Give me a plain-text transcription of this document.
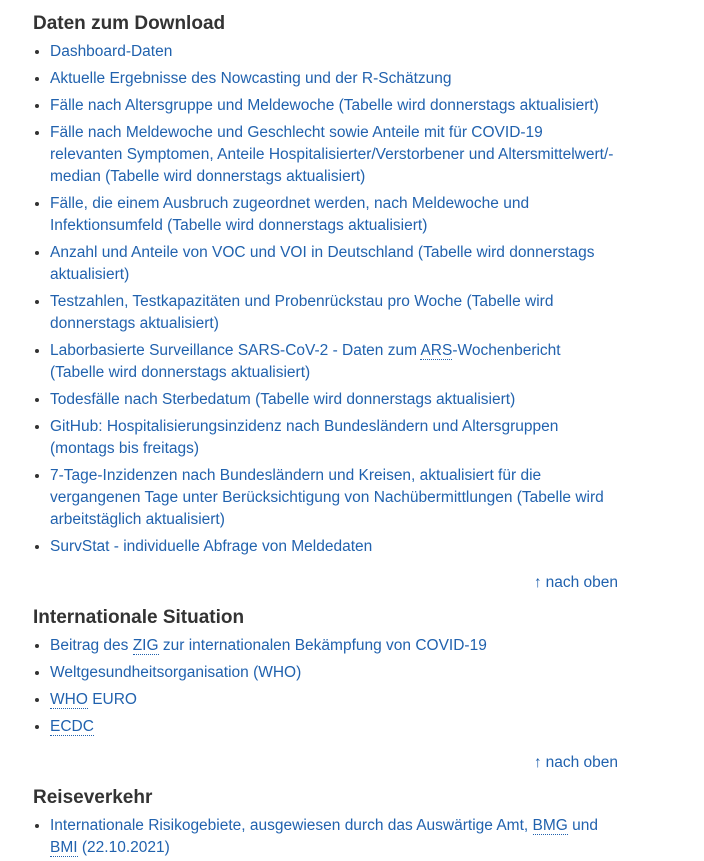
Daten zum Download
• Dashboard-Daten
• Aktuelle Ergebnisse des Nowcasting und der R-Schätzung
• Fälle nach Altersgruppe und Meldewoche (Tabelle wird donnerstags aktualisiert)
• Fälle nach Meldewoche und Geschlecht sowie Anteile mit für COVID-19 relevanten Symptomen, Anteile Hospitalisierter/Verstorbener und Altersmittelwert/-median (Tabelle wird donnerstags aktualisiert)
• Fälle, die einem Ausbruch zugeordnet werden, nach Meldewoche und Infektionsumfeld (Tabelle wird donnerstags aktualisiert)
• Anzahl und Anteile von VOC und VOI in Deutschland (Tabelle wird donnerstags aktualisiert)
• Testzahlen, Testkapazitäten und Probenrückstau pro Woche (Tabelle wird donnerstags aktualisiert)
• Laborbasierte Surveillance SARS-CoV-2 - Daten zum ARS-Wochenbericht (Tabelle wird donnerstags aktualisiert)
• Todesfälle nach Sterbedatum (Tabelle wird donnerstags aktualisiert)
• GitHub: Hospitalisierungsinzidenz nach Bundesländern und Altersgruppen (montags bis freitags)
• 7-Tage-Inzidenzen nach Bundesländern und Kreisen, aktualisiert für die vergangenen Tage unter Berücksichtigung von Nachübermittlungen (Tabelle wird arbeitstäglich aktualisiert)
• SurvStat - individuelle Abfrage von Meldedaten
↑ nach oben
Internationale Situation
• Beitrag des ZIG zur internationalen Bekämpfung von COVID-19
• Weltgesundheitsorganisation (WHO)
• WHO EURO
• ECDC
↑ nach oben
Reiseverkehr
• Internationale Risikogebiete, ausgewiesen durch das Auswärtige Amt, BMG und BMI (22.10.2021)
